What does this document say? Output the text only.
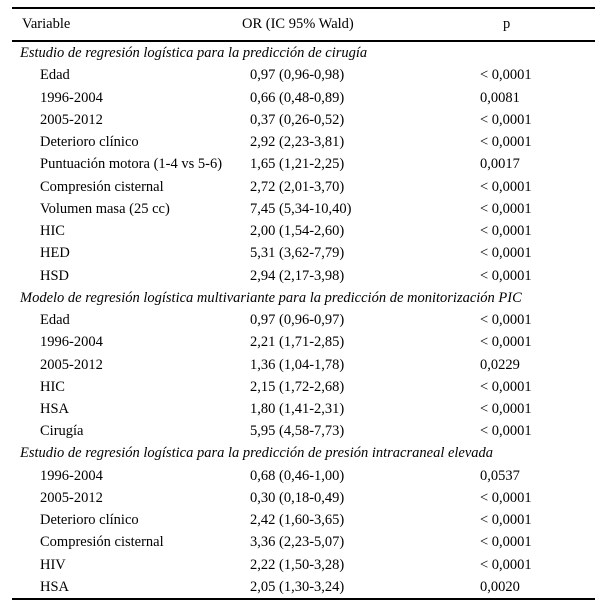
Variable	OR (IC 95% Wald)	p
Estudio de regresión logística para la predicción de cirugía		
Edad	0,97 (0,96-0,98)	< 0,0001
1996-2004	0,66 (0,48-0,89)	0,0081
2005-2012	0,37 (0,26-0,52)	< 0,0001
Deterioro clínico	2,92 (2,23-3,81)	< 0,0001
Puntuación motora (1-4 vs 5-6)	1,65 (1,21-2,25)	0,0017
Compresión cisternal	2,72 (2,01-3,70)	< 0,0001
Volumen masa (25 cc)	7,45 (5,34-10,40)	< 0,0001
HIC	2,00 (1,54-2,60)	< 0,0001
HED	5,31 (3,62-7,79)	< 0,0001
HSD	2,94 (2,17-3,98)	< 0,0001
Modelo de regresión logística multivariante para la predicción de monitorización PIC		
Edad	0,97 (0,96-0,97)	< 0,0001
1996-2004	2,21 (1,71-2,85)	< 0,0001
2005-2012	1,36 (1,04-1,78)	0,0229
HIC	2,15 (1,72-2,68)	< 0,0001
HSA	1,80 (1,41-2,31)	< 0,0001
Cirugía	5,95 (4,58-7,73)	< 0,0001
Estudio de regresión logística para la predicción de presión intracraneal elevada		
1996-2004	0,68 (0,46-1,00)	0,0537
2005-2012	0,30 (0,18-0,49)	< 0,0001
Deterioro clínico	2,42 (1,60-3,65)	< 0,0001
Compresión cisternal	3,36 (2,23-5,07)	< 0,0001
HIV	2,22 (1,50-3,28)	< 0,0001
HSA	2,05 (1,30-3,24)	0,0020
